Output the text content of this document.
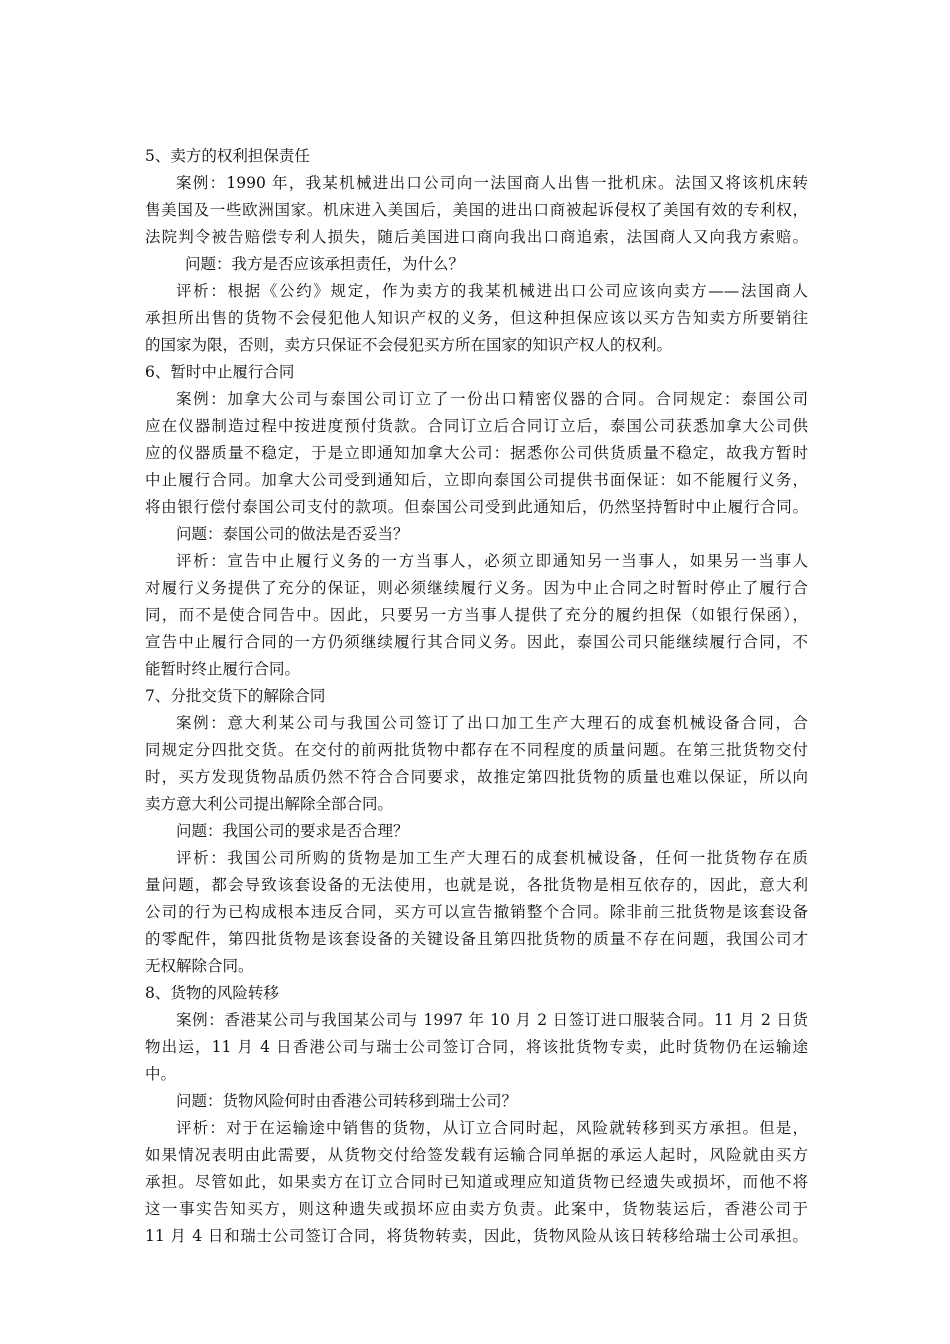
5、卖方的权利担保责任
案例：1990 年，我某机械进出口公司向一法国商人出售一批机床。法国又将该机床转
售美国及一些欧洲国家。机床进入美国后，美国的进出口商被起诉侵权了美国有效的专利权，
法院判令被告赔偿专利人损失，随后美国进口商向我出口商追索，法国商人又向我方索赔。
问题：我方是否应该承担责任，为什么？
评析：根据《公约》规定，作为卖方的我某机械进出口公司应该向卖方——法国商人
承担所出售的货物不会侵犯他人知识产权的义务，但这种担保应该以买方告知卖方所要销往
的国家为限，否则，卖方只保证不会侵犯买方所在国家的知识产权人的权利。
6、暂时中止履行合同
案例：加拿大公司与泰国公司订立了一份出口精密仪器的合同。合同规定：泰国公司
应在仪器制造过程中按进度预付货款。合同订立后合同订立后，泰国公司获悉加拿大公司供
应的仪器质量不稳定，于是立即通知加拿大公司：据悉你公司供货质量不稳定，故我方暂时
中止履行合同。加拿大公司受到通知后，立即向泰国公司提供书面保证：如不能履行义务，
将由银行偿付泰国公司支付的款项。但泰国公司受到此通知后，仍然坚持暂时中止履行合同。
问题：泰国公司的做法是否妥当？
评析：宣告中止履行义务的一方当事人，必须立即通知另一当事人，如果另一当事人
对履行义务提供了充分的保证，则必须继续履行义务。因为中止合同之时暂时停止了履行合
同，而不是使合同告中。因此，只要另一方当事人提供了充分的履约担保（如银行保函），
宣告中止履行合同的一方仍须继续履行其合同义务。因此，泰国公司只能继续履行合同，不
能暂时终止履行合同。
7、分批交货下的解除合同
案例：意大利某公司与我国公司签订了出口加工生产大理石的成套机械设备合同，合
同规定分四批交货。在交付的前两批货物中都存在不同程度的质量问题。在第三批货物交付
时，买方发现货物品质仍然不符合合同要求，故推定第四批货物的质量也难以保证，所以向
卖方意大利公司提出解除全部合同。
问题：我国公司的要求是否合理？
评析：我国公司所购的货物是加工生产大理石的成套机械设备，任何一批货物存在质
量问题，都会导致该套设备的无法使用，也就是说，各批货物是相互依存的，因此，意大利
公司的行为已构成根本违反合同，买方可以宣告撤销整个合同。除非前三批货物是该套设备
的零配件，第四批货物是该套设备的关键设备且第四批货物的质量不存在问题，我国公司才
无权解除合同。
8、货物的风险转移
案例：香港某公司与我国某公司与 1997 年 10 月 2 日签订进口服装合同。11 月 2 日货
物出运，11 月 4 日香港公司与瑞士公司签订合同，将该批货物专卖，此时货物仍在运输途
中。
问题：货物风险何时由香港公司转移到瑞士公司？
评析：对于在运输途中销售的货物，从订立合同时起，风险就转移到买方承担。但是，
如果情况表明由此需要，从货物交付给签发载有运输合同单据的承运人起时，风险就由买方
承担。尽管如此，如果卖方在订立合同时已知道或理应知道货物已经遗失或损坏，而他不将
这一事实告知买方，则这种遗失或损坏应由卖方负责。此案中，货物装运后，香港公司于
11 月 4 日和瑞士公司签订合同，将货物转卖，因此，货物风险从该日转移给瑞士公司承担。
